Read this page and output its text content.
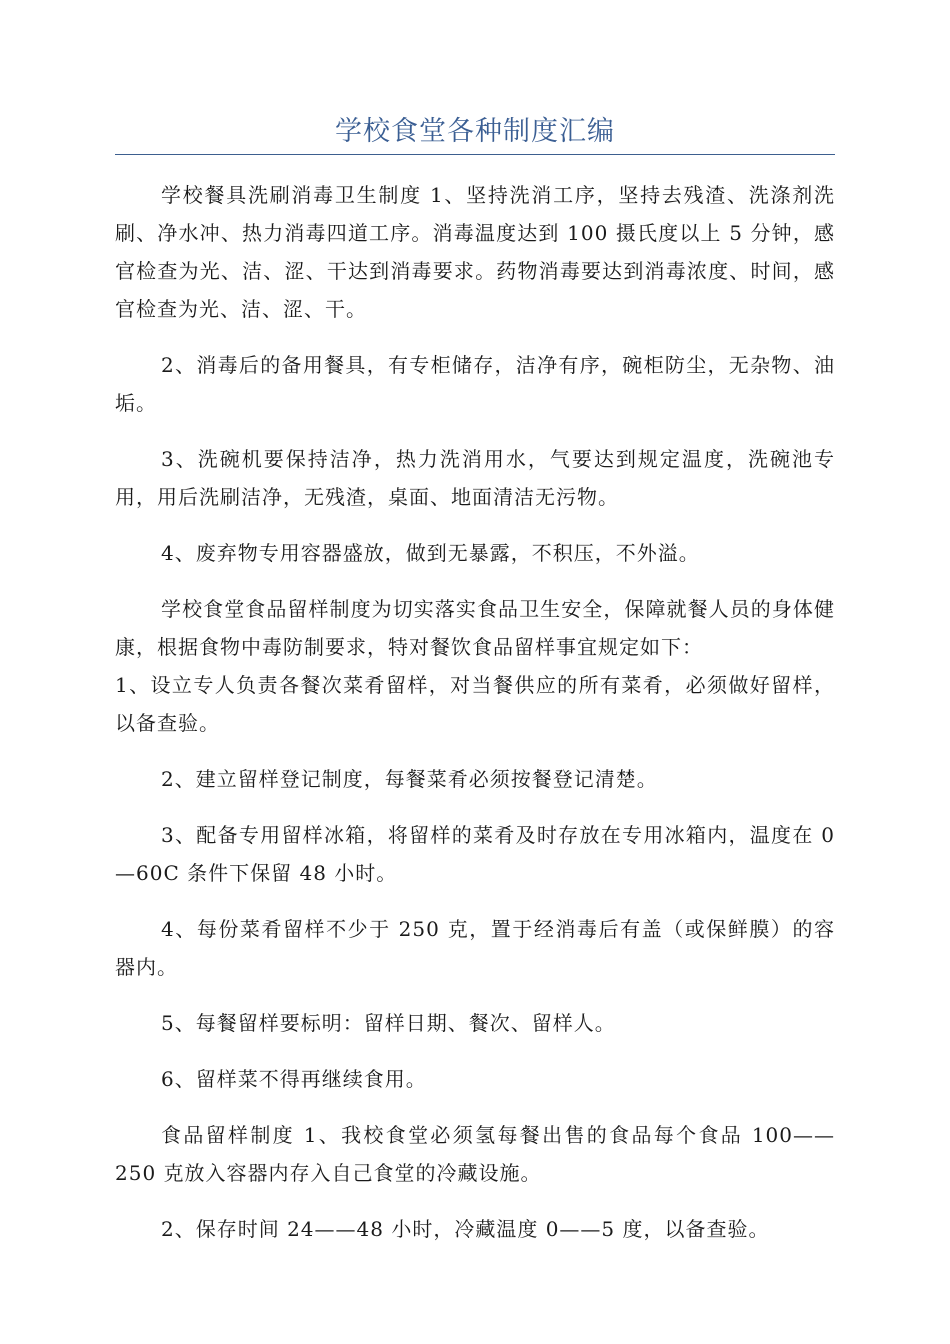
学校食堂各种制度汇编

学校餐具洗刷消毒卫生制度 1、坚持洗消工序，坚持去残渣、洗涤剂洗刷、净水冲、热力消毒四道工序。消毒温度达到 100 摄氏度以上 5 分钟，感官检查为光、洁、涩、干达到消毒要求。药物消毒要达到消毒浓度、时间，感官检查为光、洁、涩、干。

2、消毒后的备用餐具，有专柜储存，洁净有序，碗柜防尘，无杂物、油垢。

3、洗碗机要保持洁净，热力洗消用水，气要达到规定温度，洗碗池专用，用后洗刷洁净，无残渣，桌面、地面清洁无污物。

4、废弃物专用容器盛放，做到无暴露，不积压，不外溢。

学校食堂食品留样制度为切实落实食品卫生安全，保障就餐人员的身体健康，根据食物中毒防制要求，特对餐饮食品留样事宜规定如下：

1、设立专人负责各餐次菜肴留样，对当餐供应的所有菜肴，必须做好留样，以备查验。

2、建立留样登记制度，每餐菜肴必须按餐登记清楚。

3、配备专用留样冰箱，将留样的菜肴及时存放在专用冰箱内，温度在 0—60C 条件下保留 48 小时。

4、每份菜肴留样不少于 250 克，置于经消毒后有盖（或保鲜膜）的容器内。

5、每餐留样要标明：留样日期、餐次、留样人。

6、留样菜不得再继续食用。

食品留样制度 1、我校食堂必须氢每餐出售的食品每个食品 100——250 克放入容器内存入自己食堂的冷藏设施。

2、保存时间 24——48 小时，冷藏温度 0——5 度，以备查验。
